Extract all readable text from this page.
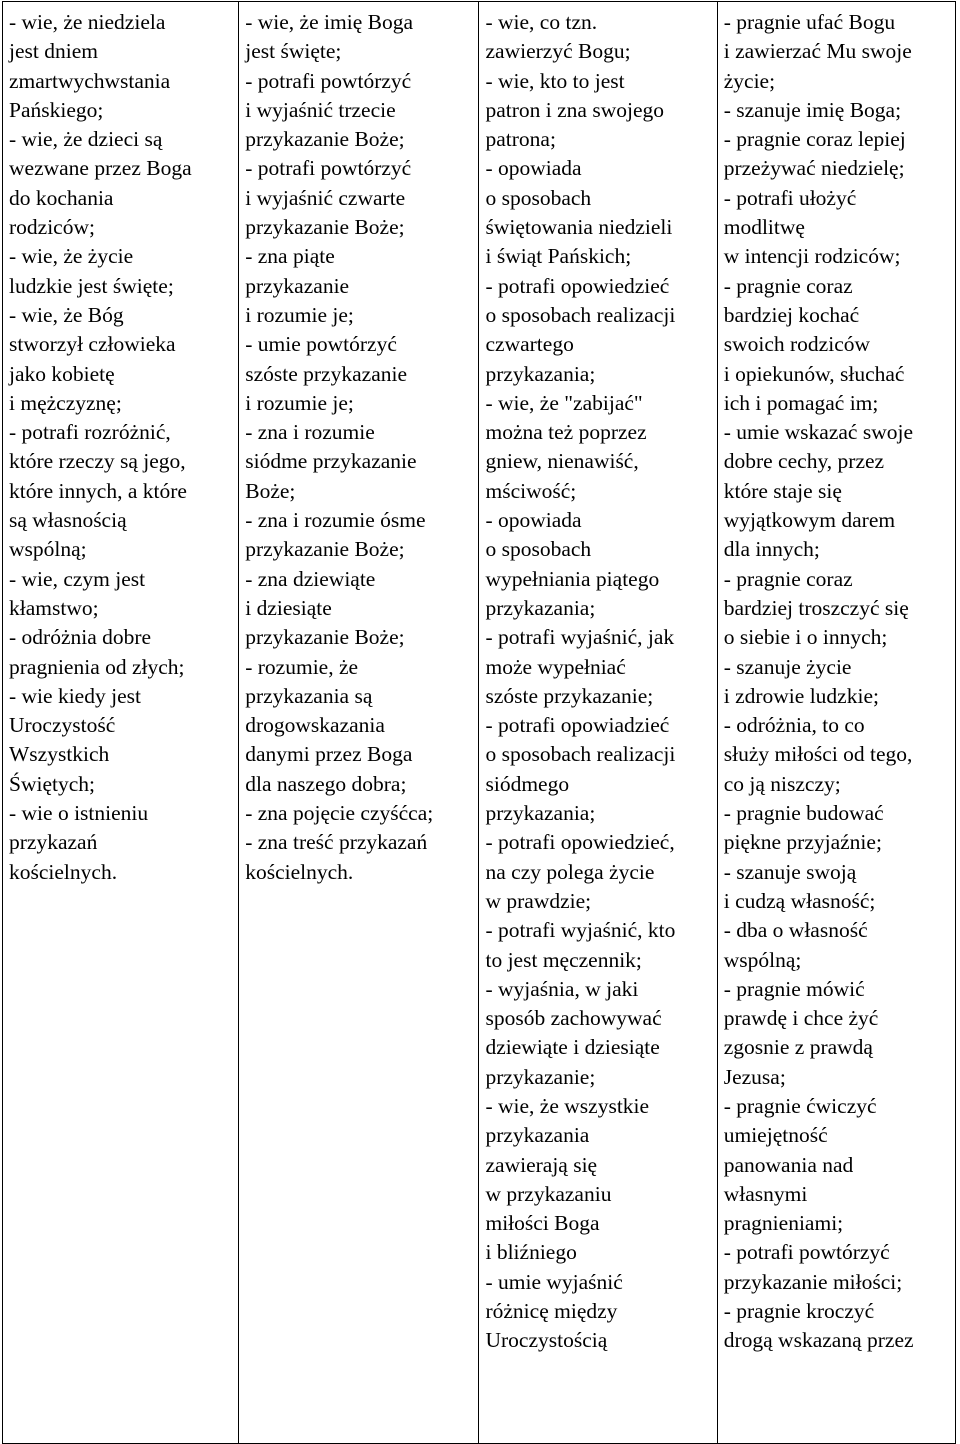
- wie, że niedziela
jest dniem
zmartwychwstania
Pańskiego;
- wie, że dzieci są
wezwane przez Boga
do kochania
rodziców;
- wie, że życie
ludzkie jest święte;
- wie, że Bóg
stworzył człowieka
jako kobietę
i mężczyznę;
- potrafi rozróżnić,
które rzeczy są jego,
które innych, a które
są własnością
wspólną;
- wie, czym jest
kłamstwo;
- odróżnia dobre
pragnienia od złych;
- wie kiedy jest
Uroczystość
Wszystkich
Świętych;
- wie o istnieniu
przykazań
kościelnych.

- wie, że imię Boga
jest święte;
- potrafi powtórzyć
i wyjaśnić trzecie
przykazanie Boże;
- potrafi powtórzyć
i wyjaśnić czwarte
przykazanie Boże;
- zna piąte
przykazanie
i rozumie je;
- umie powtórzyć
szóste przykazanie
i rozumie je;
- zna i rozumie
siódme przykazanie
Boże;
- zna i rozumie ósme
przykazanie Boże;
- zna dziewiąte
i dziesiąte
przykazanie Boże;
- rozumie, że
przykazania są
drogowskazania
danymi przez Boga
dla naszego dobra;
- zna pojęcie czyśćca;
- zna treść przykazań
kościelnych.

- wie, co tzn.
zawierzyć Bogu;
- wie, kto to jest
patron i zna swojego
patrona;
- opowiada
o sposobach
świętowania niedzieli
i świąt Pańskich;
- potrafi opowiedzieć
o sposobach realizacji
czwartego
przykazania;
- wie, że "zabijać"
można też poprzez
gniew, nienawiść,
mściwość;
- opowiada
o sposobach
wypełniania piątego
przykazania;
- potrafi wyjaśnić, jak
może wypełniać
szóste przykazanie;
- potrafi opowiadzieć
o sposobach realizacji
siódmego
przykazania;
- potrafi opowiedzieć,
na czy polega życie
w prawdzie;
- potrafi wyjaśnić, kto
to jest męczennik;
- wyjaśnia, w jaki
sposób zachowywać
dziewiąte i dziesiąte
przykazanie;
- wie, że wszystkie
przykazania
zawierają się
w przykazaniu
miłości Boga
i bliźniego
- umie wyjaśnić
różnicę między
Uroczystością

- pragnie ufać Bogu
i zawierzać Mu swoje
życie;
- szanuje imię Boga;
- pragnie coraz lepiej
przeżywać niedzielę;
- potrafi ułożyć
modlitwę
w intencji rodziców;
- pragnie coraz
bardziej kochać
swoich rodziców
i opiekunów, słuchać
ich i pomagać im;
- umie wskazać swoje
dobre cechy, przez
które staje się
wyjątkowym darem
dla innych;
- pragnie coraz
bardziej troszczyć się
o siebie i o innych;
- szanuje życie
i zdrowie ludzkie;
- odróżnia, to co
służy miłości od tego,
co ją niszczy;
- pragnie budować
piękne przyjaźnie;
- szanuje swoją
i cudzą własność;
- dba o własność
wspólną;
- pragnie mówić
prawdę i chce żyć
zgosnie z prawdą
Jezusa;
- pragnie ćwiczyć
umiejętność
panowania nad
własnymi
pragnieniami;
- potrafi powtórzyć
przykazanie miłości;
- pragnie kroczyć
drogą wskazaną przez
